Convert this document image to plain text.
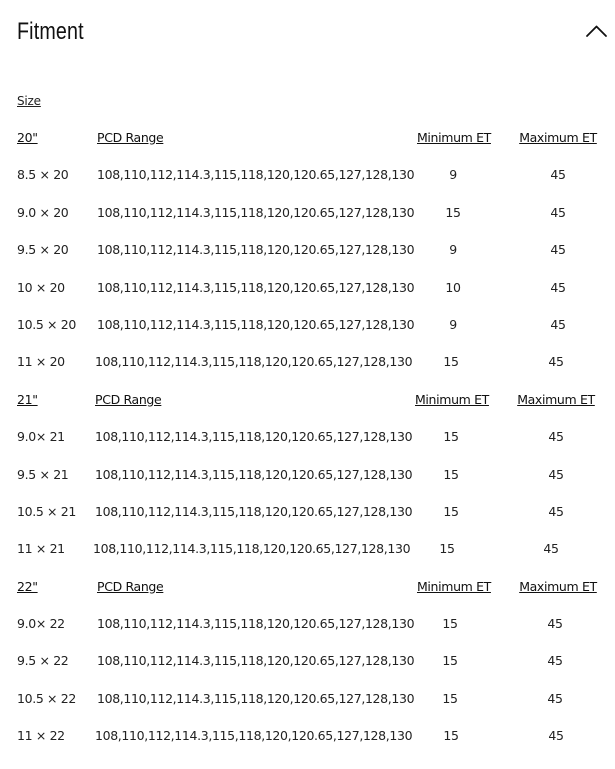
Fitment
Size
20"	PCD Range	Minimum ET Maximum ET
8.5 × 20 108,110,112,114.3,115,118,120,120.65,127,128,130	9	45
9.0 × 20 108,110,112,114.3,115,118,120,120.65,127,128,130	15	45
9.5 × 20 108,110,112,114.3,115,118,120,120.65,127,128,130	9	45
10 × 20	108,110,112,114.3,115,118,120,120.65,127,128,130	10	45
10.5 × 20 108,110,112,114.3,115,118,120,120.65,127,128,130	9	45
11 × 20 108,110,112,114.3,115,118,120,120.65,127,128,130	15	45
21"	PCD Range	Minimum ET Maximum ET
9.0× 21 108,110,112,114.3,115,118,120,120.65,127,128,130	15	45
9.5 × 21 108,110,112,114.3,115,118,120,120.65,127,128,130	15	45
10.5 × 21 108,110,112,114.3,115,118,120,120.65,127,128,130	15	45
11 × 21 108,110,112,114.3,115,118,120,120.65,127,128,130	15	45
22"	PCD Range	Minimum ET Maximum ET
9.0× 22	108,110,112,114.3,115,118,120,120.65,127,128,130	15	45
9.5 × 22 108,110,112,114.3,115,118,120,120.65,127,128,130	15	45
10.5 × 22 108,110,112,114.3,115,118,120,120.65,127,128,130	15	45
11 × 22 108,110,112,114.3,115,118,120,120.65,127,128,130	15	45
